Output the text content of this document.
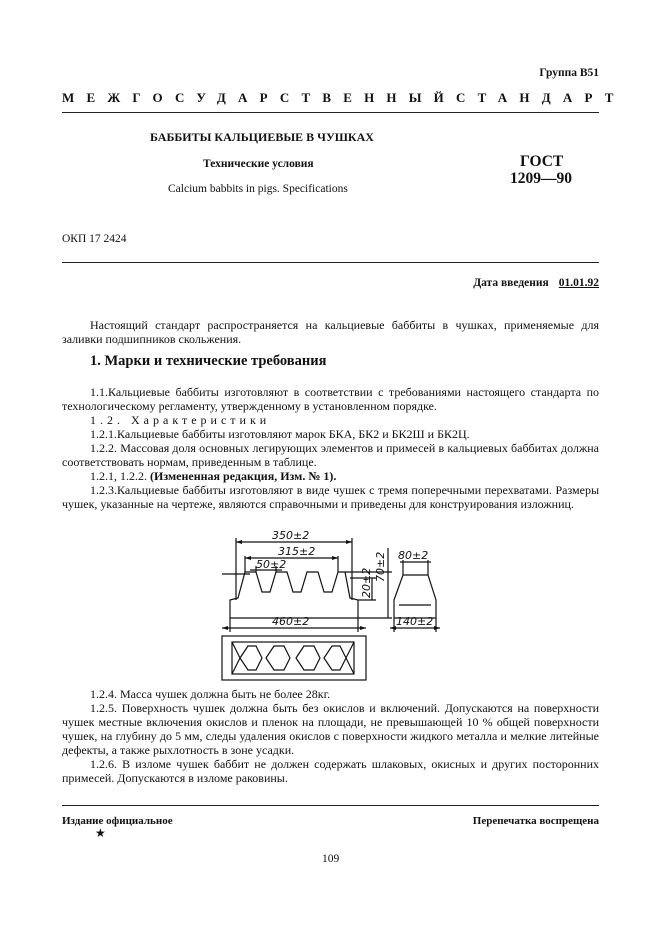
Группа В51
МЕЖГОСУДАРСТВЕННЫЙ СТАНДАРТ
БАББИТЫ КАЛЬЦИЕВЫЕ В ЧУШКАХ
Технические условия
Calcium babbits in pigs. Specifications
ГОСТ
1209—90
ОКП 17 2424
Дата введения 01.01.92

Настоящий стандарт распространяется на кальциевые баббиты в чушках, применяемые для заливки подшипников скольжения.

1. Марки и технические требования

1.1.Кальциевые баббиты изготовляют в соответствии с требованиями настоящего стандарта по технологическому регламенту, утвержденному в установленном порядке.

1.2. Характеристики

1.2.1.Кальциевые баббиты изготовляют марок БКА, БК2 и БК2Ш и БК2Ц.

1.2.2. Массовая доля основных легирующих элементов и примесей в кальциевых баббитах должна соответствовать нормам, приведенным в таблице.

1.2.1, 1.2.2. (Измененная редакция, Изм. № 1).

1.2.3.Кальциевые баббиты изготовляют в виде чушек с тремя поперечными перехватами. Размеры чушек, указанные на чертеже, являются справочными и приведены для конструирования изложниц.

350±2
315±2
50±2
460±2
20±2
70±2 80±2
140±2

1.2.4. Масса чушек должна быть не более 28кг.

1.2.5. Поверхность чушек должна быть без окислов и включений. Допускаются на поверхности чушек местные включения окислов и пленок на площади, не превышающей 10 % общей поверхности чушек, на глубину до 5 мм, следы удаления окислов с поверхности жидкого металла и мелкие литейные дефекты, а также рыхлотность в зоне усадки.

1.2.6. В изломе чушек баббит не должен содержать шлаковых, окисных и других посторонних примесей. Допускаются в изломе раковины.

Издание официальное
★
Перепечатка воспрещена
109
